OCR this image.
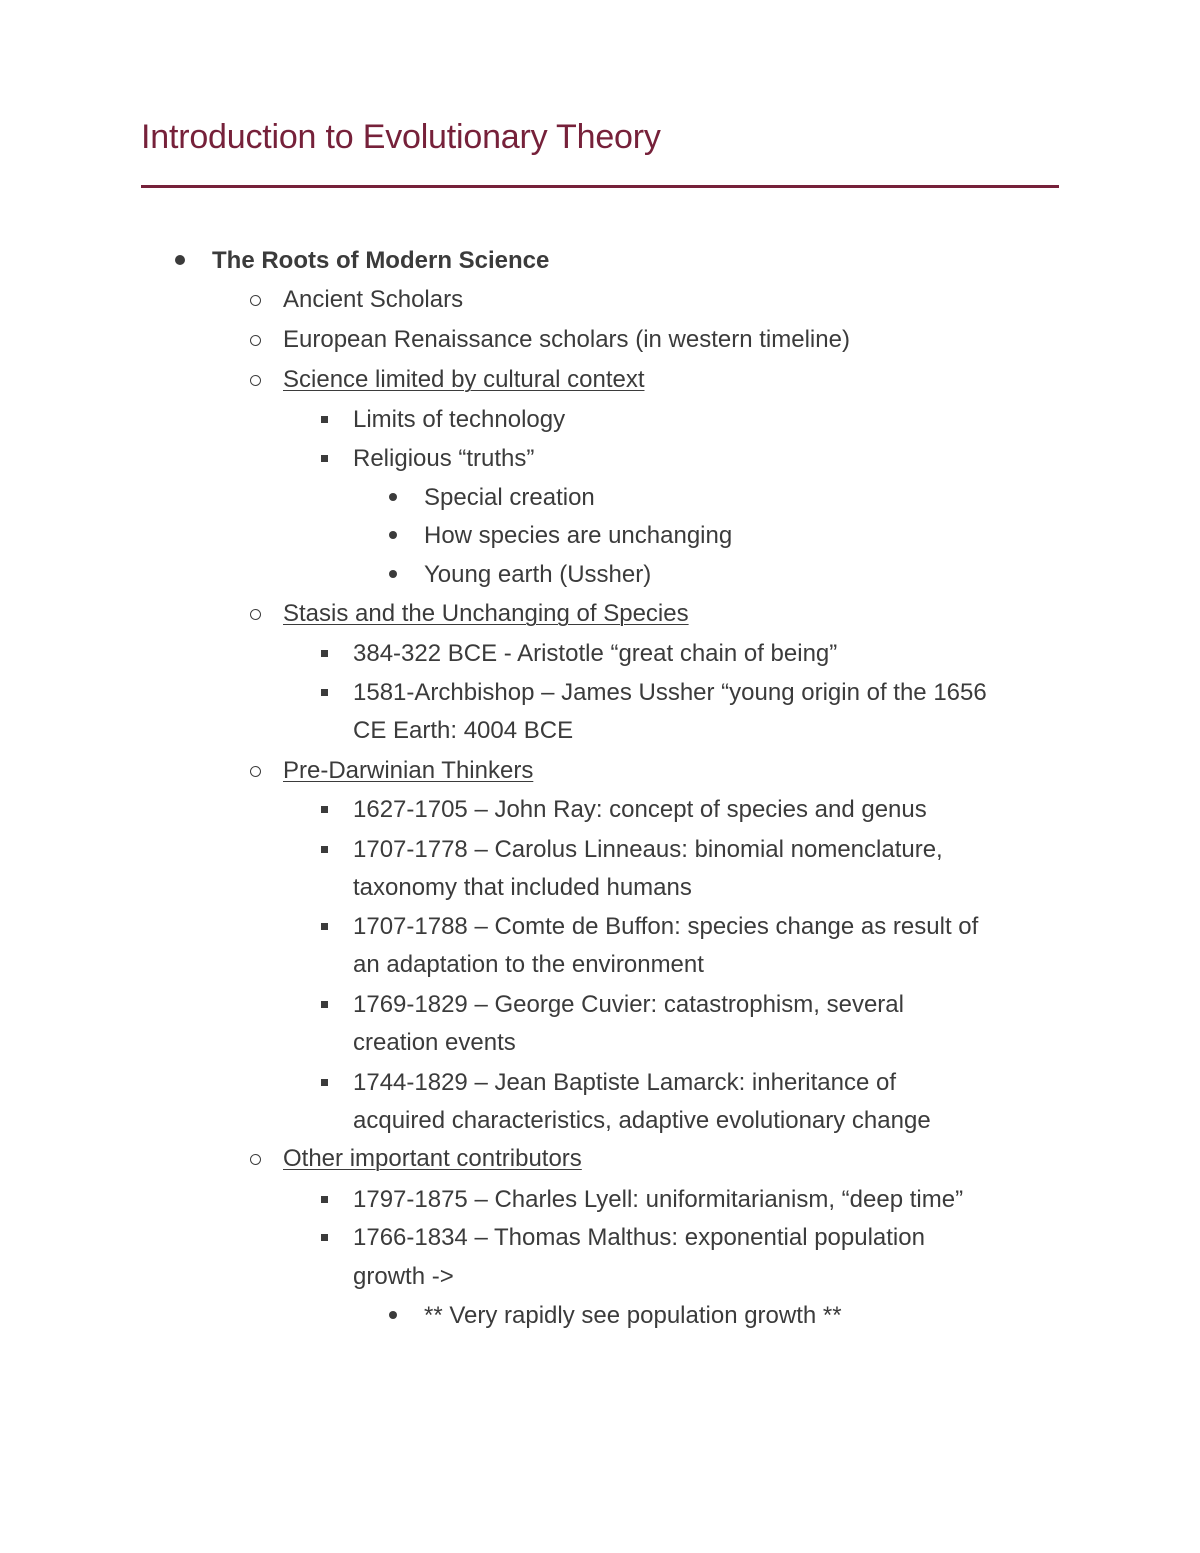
Introduction to Evolutionary Theory
The Roots of Modern Science
Ancient Scholars
European Renaissance scholars (in western timeline)
Science limited by cultural context
Limits of technology
Religious “truths”
Special creation
How species are unchanging
Young earth (Ussher)
Stasis and the Unchanging of Species
384-322 BCE - Aristotle “great chain of being”
1581-Archbishop – James Ussher “young origin of the 1656
CE Earth: 4004 BCE
Pre-Darwinian Thinkers
1627-1705 – John Ray: concept of species and genus
1707-1778 – Carolus Linneaus: binomial nomenclature,
taxonomy that included humans
1707-1788 – Comte de Buffon: species change as result of
an adaptation to the environment
1769-1829 – George Cuvier: catastrophism, several
creation events
1744-1829 – Jean Baptiste Lamarck: inheritance of
acquired characteristics, adaptive evolutionary change
Other important contributors
1797-1875 – Charles Lyell: uniformitarianism, “deep time”
1766-1834 – Thomas Malthus: exponential population
growth ->
** Very rapidly see population growth **
